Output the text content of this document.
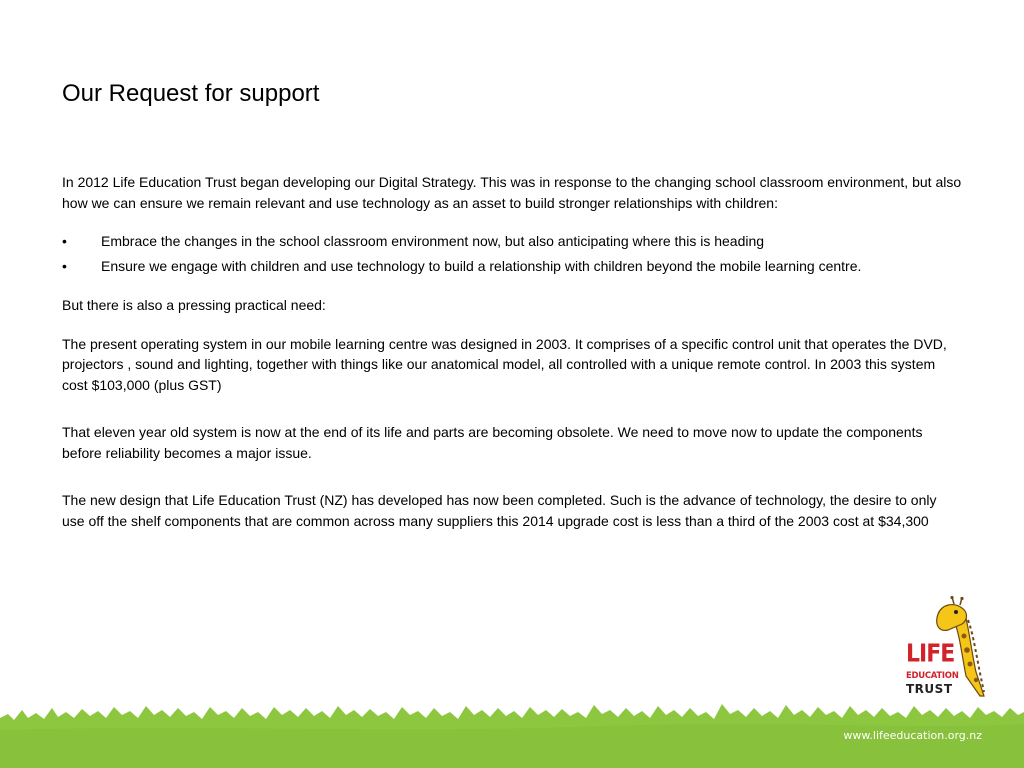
Our Request for support

In 2012 Life Education Trust began developing our Digital Strategy. This was in response to the changing school classroom environment, but also how we can ensure we remain relevant and use technology as an asset to build stronger relationships with children:

• Embrace the changes in the school classroom environment now, but also anticipating where this is heading
• Ensure we engage with children and use technology to build a relationship with children beyond the mobile learning centre.

But there is also a pressing practical need:

The present operating system in our mobile learning centre was designed in 2003. It comprises of a specific control unit that operates the DVD, projectors , sound and lighting, together with things like our anatomical model, all controlled with a unique remote control. In 2003 this system cost $103,000 (plus GST)

That eleven year old system is now at the end of its life and parts are becoming obsolete. We need to move now to update the components before reliability becomes a major issue.

The new design that Life Education Trust (NZ) has developed has now been completed. Such is the advance of technology, the desire to only use off the shelf components that are common across many suppliers this 2014 upgrade cost is less than a third of the 2003 cost at $34,300

LIFE
EDUCATION
TRUST
www.lifeeducation.org.nz
